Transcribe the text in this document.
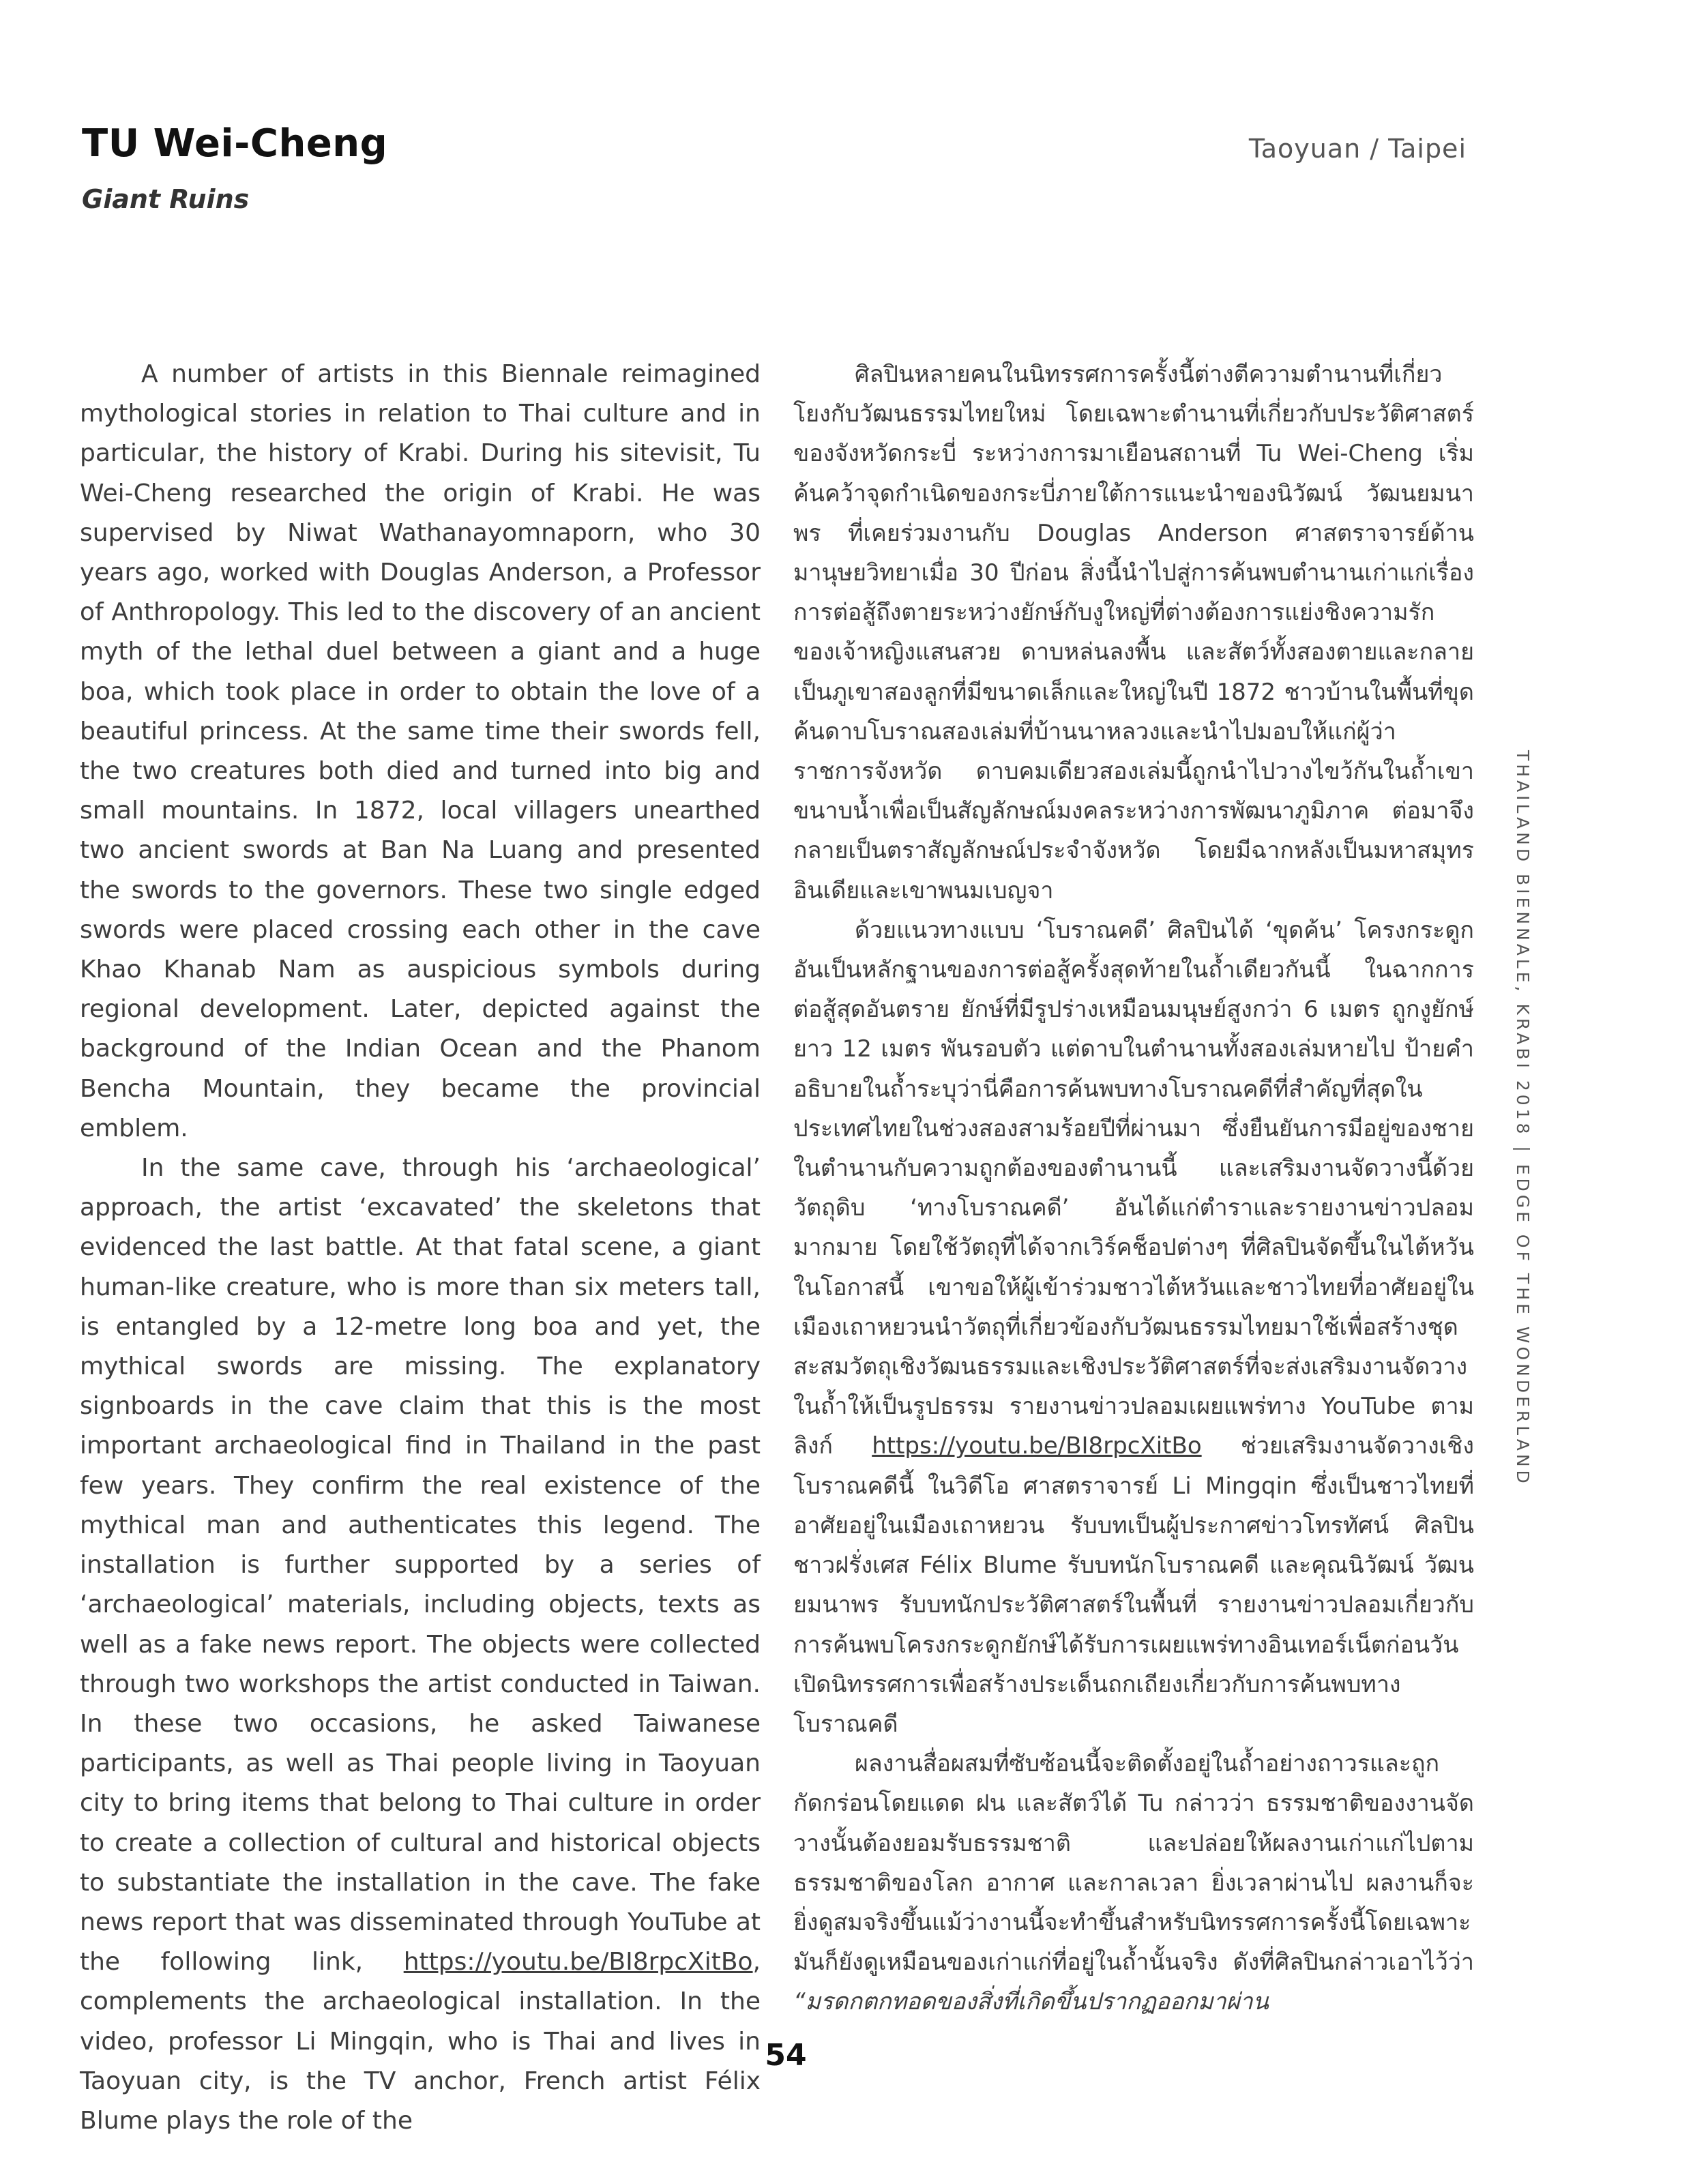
TU Wei-Cheng
Giant Ruins
Taoyuan / Taipei

A number of artists in this Biennale reimagined mythological stories in relation to Thai culture and in particular, the history of Krabi. During his sitevisit, Tu Wei-Cheng researched the origin of Krabi. He was supervised by Niwat Wathanayomnaporn, who 30 years ago, worked with Douglas Anderson, a Professor of Anthropology. This led to the discovery of an ancient myth of the lethal duel between a giant and a huge boa, which took place in order to obtain the love of a beautiful princess. At the same time their swords fell, the two creatures both died and turned into big and small mountains. In 1872, local villagers unearthed two ancient swords at Ban Na Luang and presented the swords to the governors. These two single edged swords were placed crossing each other in the cave Khao Khanab Nam as auspicious symbols during regional development. Later, depicted against the background of the Indian Ocean and the Phanom Bencha Mountain, they became the provincial emblem.

In the same cave, through his ‘archaeological’ approach, the artist ‘excavated’ the skeletons that evidenced the last battle. At that fatal scene, a giant human-like creature, who is more than six meters tall, is entangled by a 12-metre long boa and yet, the mythical swords are missing. The explanatory signboards in the cave claim that this is the most important archaeological find in Thailand in the past few years. They confirm the real existence of the mythical man and authenticates this legend. The installation is further supported by a series of ‘archaeological’ materials, including objects, texts as well as a fake news report. The objects were collected through two workshops the artist conducted in Taiwan. In these two occasions, he asked Taiwanese participants, as well as Thai people living in Taoyuan city to bring items that belong to Thai culture in order to create a collection of cultural and historical objects to substantiate the installation in the cave. The fake news report that was disseminated through YouTube at the following link, https://youtu.be/BI8rpcXitBo, complements the archaeological installation. In the video, professor Li Mingqin, who is Thai and lives in Taoyuan city, is the TV anchor, French artist Félix Blume plays the role of the

ศิลปินหลายคนในนิทรรศการครั้งนี้ต่างตีความตำนานที่เกี่ยวโยงกับวัฒนธรรมไทยใหม่ โดยเฉพาะตำนานที่เกี่ยวกับประวัติศาสตร์ของจังหวัดกระบี่ ระหว่างการมาเยือนสถานที่ Tu Wei-Cheng เริ่มค้นคว้าจุดกำเนิดของกระบี่ภายใต้การแนะนำของนิวัฒน์ วัฒนยมนาพร ที่เคยร่วมงานกับ Douglas Anderson ศาสตราจารย์ด้านมานุษยวิทยาเมื่อ 30 ปีก่อน สิ่งนี้นำไปสู่การค้นพบตำนานเก่าแก่เรื่องการต่อสู้ถึงตายระหว่างยักษ์กับงูใหญ่ที่ต่างต้องการแย่งชิงความรักของเจ้าหญิงแสนสวย ดาบหล่นลงพื้น และสัตว์ทั้งสองตายและกลายเป็นภูเขาสองลูกที่มีขนาดเล็กและใหญ่ในปี 1872 ชาวบ้านในพื้นที่ขุดค้นดาบโบราณสองเล่มที่บ้านนาหลวงและนำไปมอบให้แก่ผู้ว่าราชการจังหวัด ดาบคมเดียวสองเล่มนี้ถูกนำไปวางไขว้กันในถ้ำเขาขนาบน้ำเพื่อเป็นสัญลักษณ์มงคลระหว่างการพัฒนาภูมิภาค ต่อมาจึงกลายเป็นตราสัญลักษณ์ประจำจังหวัด โดยมีฉากหลังเป็นมหาสมุทรอินเดียและเขาพนมเบญจา

ด้วยแนวทางแบบ ‘โบราณคดี’ ศิลปินได้ ‘ขุดค้น’ โครงกระดูกอันเป็นหลักฐานของการต่อสู้ครั้งสุดท้ายในถ้ำเดียวกันนี้ ในฉากการต่อสู้สุดอันตราย ยักษ์ที่มีรูปร่างเหมือนมนุษย์สูงกว่า 6 เมตร ถูกงูยักษ์ยาว 12 เมตร พันรอบตัว แต่ดาบในตำนานทั้งสองเล่มหายไป ป้ายคำอธิบายในถ้ำระบุว่านี่คือการค้นพบทางโบราณคดีที่สำคัญที่สุดในประเทศไทยในช่วงสองสามร้อยปีที่ผ่านมา ซึ่งยืนยันการมีอยู่ของชายในตำนานกับความถูกต้องของตำนานนี้ และเสริมงานจัดวางนี้ด้วยวัตถุดิบ ‘ทางโบราณคดี’ อันได้แก่ตำราและรายงานข่าวปลอมมากมาย โดยใช้วัตถุที่ได้จากเวิร์คช็อปต่างๆ ที่ศิลปินจัดขึ้นในไต้หวันในโอกาสนี้ เขาขอให้ผู้เข้าร่วมชาวไต้หวันและชาวไทยที่อาศัยอยู่ในเมืองเถาหยวนนำวัตถุที่เกี่ยวข้องกับวัฒนธรรมไทยมาใช้เพื่อสร้างชุดสะสมวัตถุเชิงวัฒนธรรมและเชิงประวัติศาสตร์ที่จะส่งเสริมงานจัดวางในถ้ำให้เป็นรูปธรรม รายงานข่าวปลอมเผยแพร่ทาง YouTube ตามลิงก์ https://youtu.be/BI8rpcXitBo ช่วยเสริมงานจัดวางเชิงโบราณคดีนี้ ในวิดีโอ ศาสตราจารย์ Li Mingqin ซึ่งเป็นชาวไทยที่อาศัยอยู่ในเมืองเถาหยวน รับบทเป็นผู้ประกาศข่าวโทรทัศน์ ศิลปินชาวฝรั่งเศส Félix Blume รับบทนักโบราณคดี และคุณนิวัฒน์ วัฒนยมนาพร รับบทนักประวัติศาสตร์ในพื้นที่ รายงานข่าวปลอมเกี่ยวกับการค้นพบโครงกระดูกยักษ์ได้รับการเผยแพร่ทางอินเทอร์เน็ตก่อนวันเปิดนิทรรศการเพื่อสร้างประเด็นถกเถียงเกี่ยวกับการค้นพบทางโบราณคดี

ผลงานสื่อผสมที่ซับซ้อนนี้จะติดตั้งอยู่ในถ้ำอย่างถาวรและถูกกัดกร่อนโดยแดด ฝน และสัตว์ได้ Tu กล่าวว่า ธรรมชาติของงานจัดวางนั้นต้องยอมรับธรรมชาติ และปล่อยให้ผลงานเก่าแก่ไปตามธรรมชาติของโลก อากาศ และกาลเวลา ยิ่งเวลาผ่านไป ผลงานก็จะยิ่งดูสมจริงขึ้นแม้ว่างานนี้จะทำขึ้นสำหรับนิทรรศการครั้งนี้โดยเฉพาะ มันก็ยังดูเหมือนของเก่าแก่ที่อยู่ในถ้ำนั้นจริง ดังที่ศิลปินกล่าวเอาไว้ว่า “มรดกตกทอดของสิ่งที่เกิดขึ้นปรากฏออกมาผ่าน

THAILAND BIENNALE, KRABI 2018 | EDGE OF THE WONDERLAND
54
